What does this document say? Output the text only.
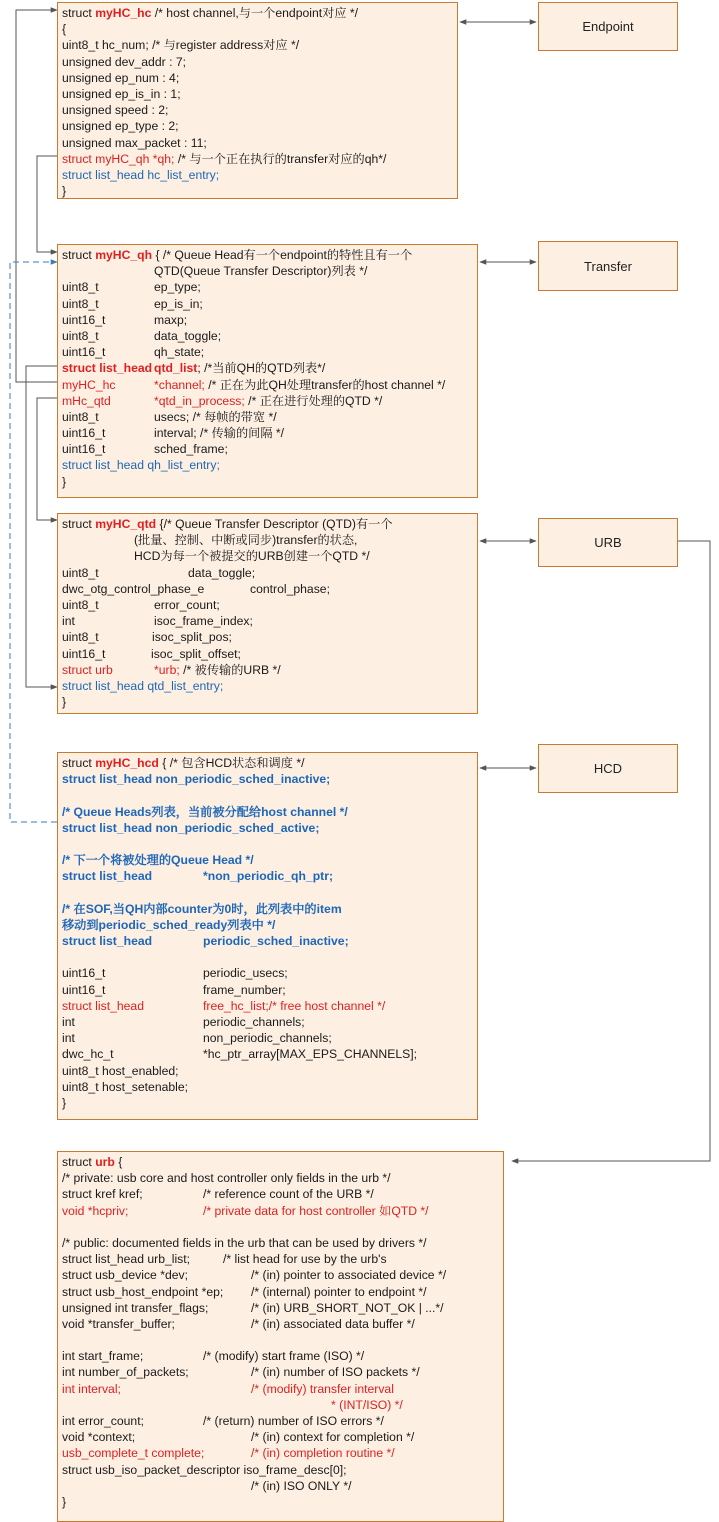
struct myHC_hc /* host channel,与一个endpoint对应 */
{
uint8_t hc_num; /* 与register address对应 */
unsigned dev_addr : 7;
unsigned ep_num : 4;
unsigned ep_is_in : 1;
unsigned speed : 2;
unsigned ep_type : 2;
unsigned max_packet : 11;
struct myHC_qh *qh; /* 与一个正在执行的transfer对应的qh*/
struct list_head hc_list_entry;
}
struct myHC_qh { /* Queue Head有一个endpoint的特性且有一个
QTD(Queue Transfer Descriptor)列表 */
uint8_t	ep_type;
uint8_t	ep_is_in;
uint16_t	maxp;
uint8_t	data_toggle;
uint16_t	qh_state;
struct list_head qtd_list; /*当前QH的QTD列表*/
myHC_hc	*channel; /* 正在为此QH处理transfer的host channel */
mHc_qtd	*qtd_in_process; /* 正在进行处理的QTD */
uint8_t	usecs; /* 每帧的带宽 */
uint16_t	interval; /* 传输的间隔 */
uint16_t	sched_frame;
struct list_head qh_list_entry;
}
struct myHC_qtd {/* Queue Transfer Descriptor (QTD)有一个
(批量、控制、中断或同步)transfer的状态,
HCD为每一个被提交的URB创建一个QTD */
uint8_t	data_toggle;
dwc_otg_control_phase_e	control_phase;
uint8_t	error_count;
int	isoc_frame_index;
uint8_t	isoc_split_pos;
uint16_t	isoc_split_offset;
struct urb	*urb; /* 被传输的URB */
struct list_head qtd_list_entry;
}
struct myHC_hcd { /* 包含HCD状态和调度 */
struct list_head non_periodic_sched_inactive;
/* Queue Heads列表，当前被分配给host channel */
struct list_head non_periodic_sched_active;
/* 下一个将被处理的Queue Head */
struct list_head	*non_periodic_qh_ptr;
/* 在SOF,当QH内部counter为0时，此列表中的item
移动到periodic_sched_ready列表中 */
struct list_head	periodic_sched_inactive;
uint16_t	periodic_usecs;
uint16_t	frame_number;
struct list_head	free_hc_list;/* free host channel */
int	periodic_channels;
int	non_periodic_channels;
dwc_hc_t	*hc_ptr_array[MAX_EPS_CHANNELS];
uint8_t host_enabled;
uint8_t host_setenable;
}
struct urb {
/* private: usb core and host controller only fields in the urb */
struct kref kref;	/* reference count of the URB */
void *hcpriv;	/* private data for host controller 如QTD */
/* public: documented fields in the urb that can be used by drivers */
struct list_head urb_list;	/* list head for use by the urb's
struct usb_device *dev;	/* (in) pointer to associated device */
struct usb_host_endpoint *ep; /* (internal) pointer to endpoint */
unsigned int transfer_flags;	/* (in) URB_SHORT_NOT_OK | ...*/
void *transfer_buffer;	/* (in) associated data buffer */
int start_frame;	/* (modify) start frame (ISO) */
int number_of_packets;	/* (in) number of ISO packets */
int interval;	/* (modify) transfer interval
* (INT/ISO) */
int error_count;	/* (return) number of ISO errors */
void *context;	/* (in) context for completion */
usb_complete_t complete;	/* (in) completion routine */
struct usb_iso_packet_descriptor iso_frame_desc[0];
/* (in) ISO ONLY */
}
Endpoint
Transfer
URB
HCD
